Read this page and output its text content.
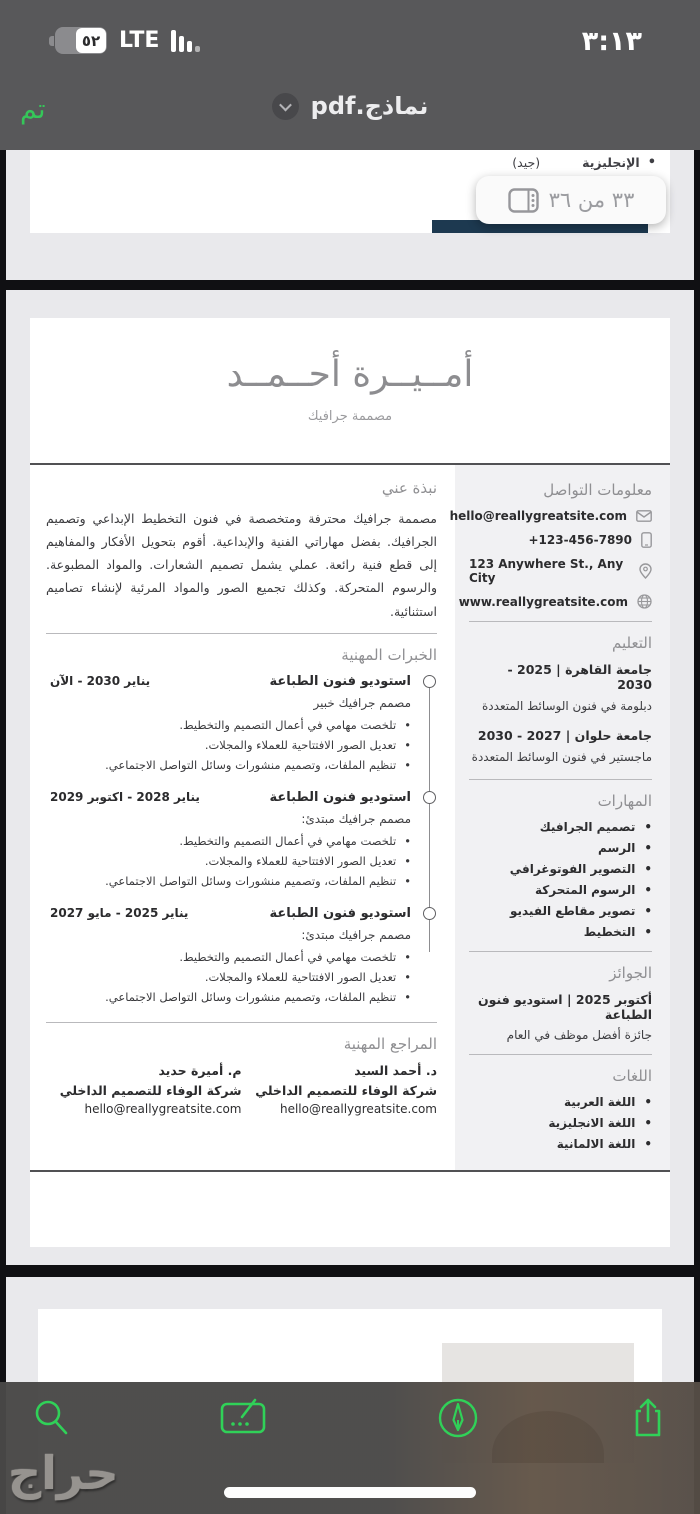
٣:١٣
٥٢ LTE
تم	نماذج.pdf
•
الإنجليزية
(جيد)
٣٣ من ٣٦
أمــيــرة أحــمــد
مصممة جرافيك
معلومات التواصل
hello@reallygreatsite.com
+123-456-7890
123 Anywhere St., Any City
www.reallygreatsite.com
التعليم
جامعة القاهرة | 2025 - 2030
دبلومة في فنون الوسائط المتعددة
جامعة حلوان | 2027 - 2030
ماجستير في فنون الوسائط المتعددة
المهارات
•
تصميم الجرافيك
•
الرسم
•
التصوير الفوتوغرافي
•
الرسوم المتحركة
•
تصوير مقاطع الفيديو
•
التخطيط
الجوائز
أكتوبر 2025 | استوديو فنون الطباعة
جائزة أفضل موظف في العام
اللغات
•
اللغة العربية
•
اللغة الانجليزية
•
اللغة الالمانية
نبذة عني
مصممة جرافيك محترفة ومتخصصة في فنون التخطيط الإبداعي وتصميم الجرافيك. بفضل مهاراتي الفنية والإبداعية. أقوم بتحويل الأفكار والمفاهيم إلى قطع فنية رائعة. عملي يشمل تصميم الشعارات. والمواد المطبوعة. والرسوم المتحركة. وكذلك تجميع الصور والمواد المرئية لإنشاء تصاميم استثنائية.
الخبرات المهنية
استوديو فنون الطباعة
يناير 2030 - الآن
مصمم جرافيك خبير
•
تلخصت مهامي في أعمال التصميم والتخطيط.
•
تعديل الصور الافتتاحية للعملاء والمجلات.
•
تنظيم الملفات، وتصميم منشورات وسائل التواصل الاجتماعي.
استوديو فنون الطباعة
يناير 2028 - اكتوبر 2029
مصمم جرافيك مبتدئ:
•
تلخصت مهامي في أعمال التصميم والتخطيط.
•
تعديل الصور الافتتاحية للعملاء والمجلات.
•
تنظيم الملفات، وتصميم منشورات وسائل التواصل الاجتماعي.
استوديو فنون الطباعة
يناير 2025 - مايو 2027
مصمم جرافيك مبتدئ:
•
تلخصت مهامي في أعمال التصميم والتخطيط.
•
تعديل الصور الافتتاحية للعملاء والمجلات.
•
تنظيم الملفات، وتصميم منشورات وسائل التواصل الاجتماعي.
المراجع المهنية
د. أحمد السيد
شركة الوفاء للتصميم الداخلي
hello@reallygreatsite.com
م. أميرة حديد
شركة الوفاء للتصميم الداخلي
hello@reallygreatsite.com
حراج
